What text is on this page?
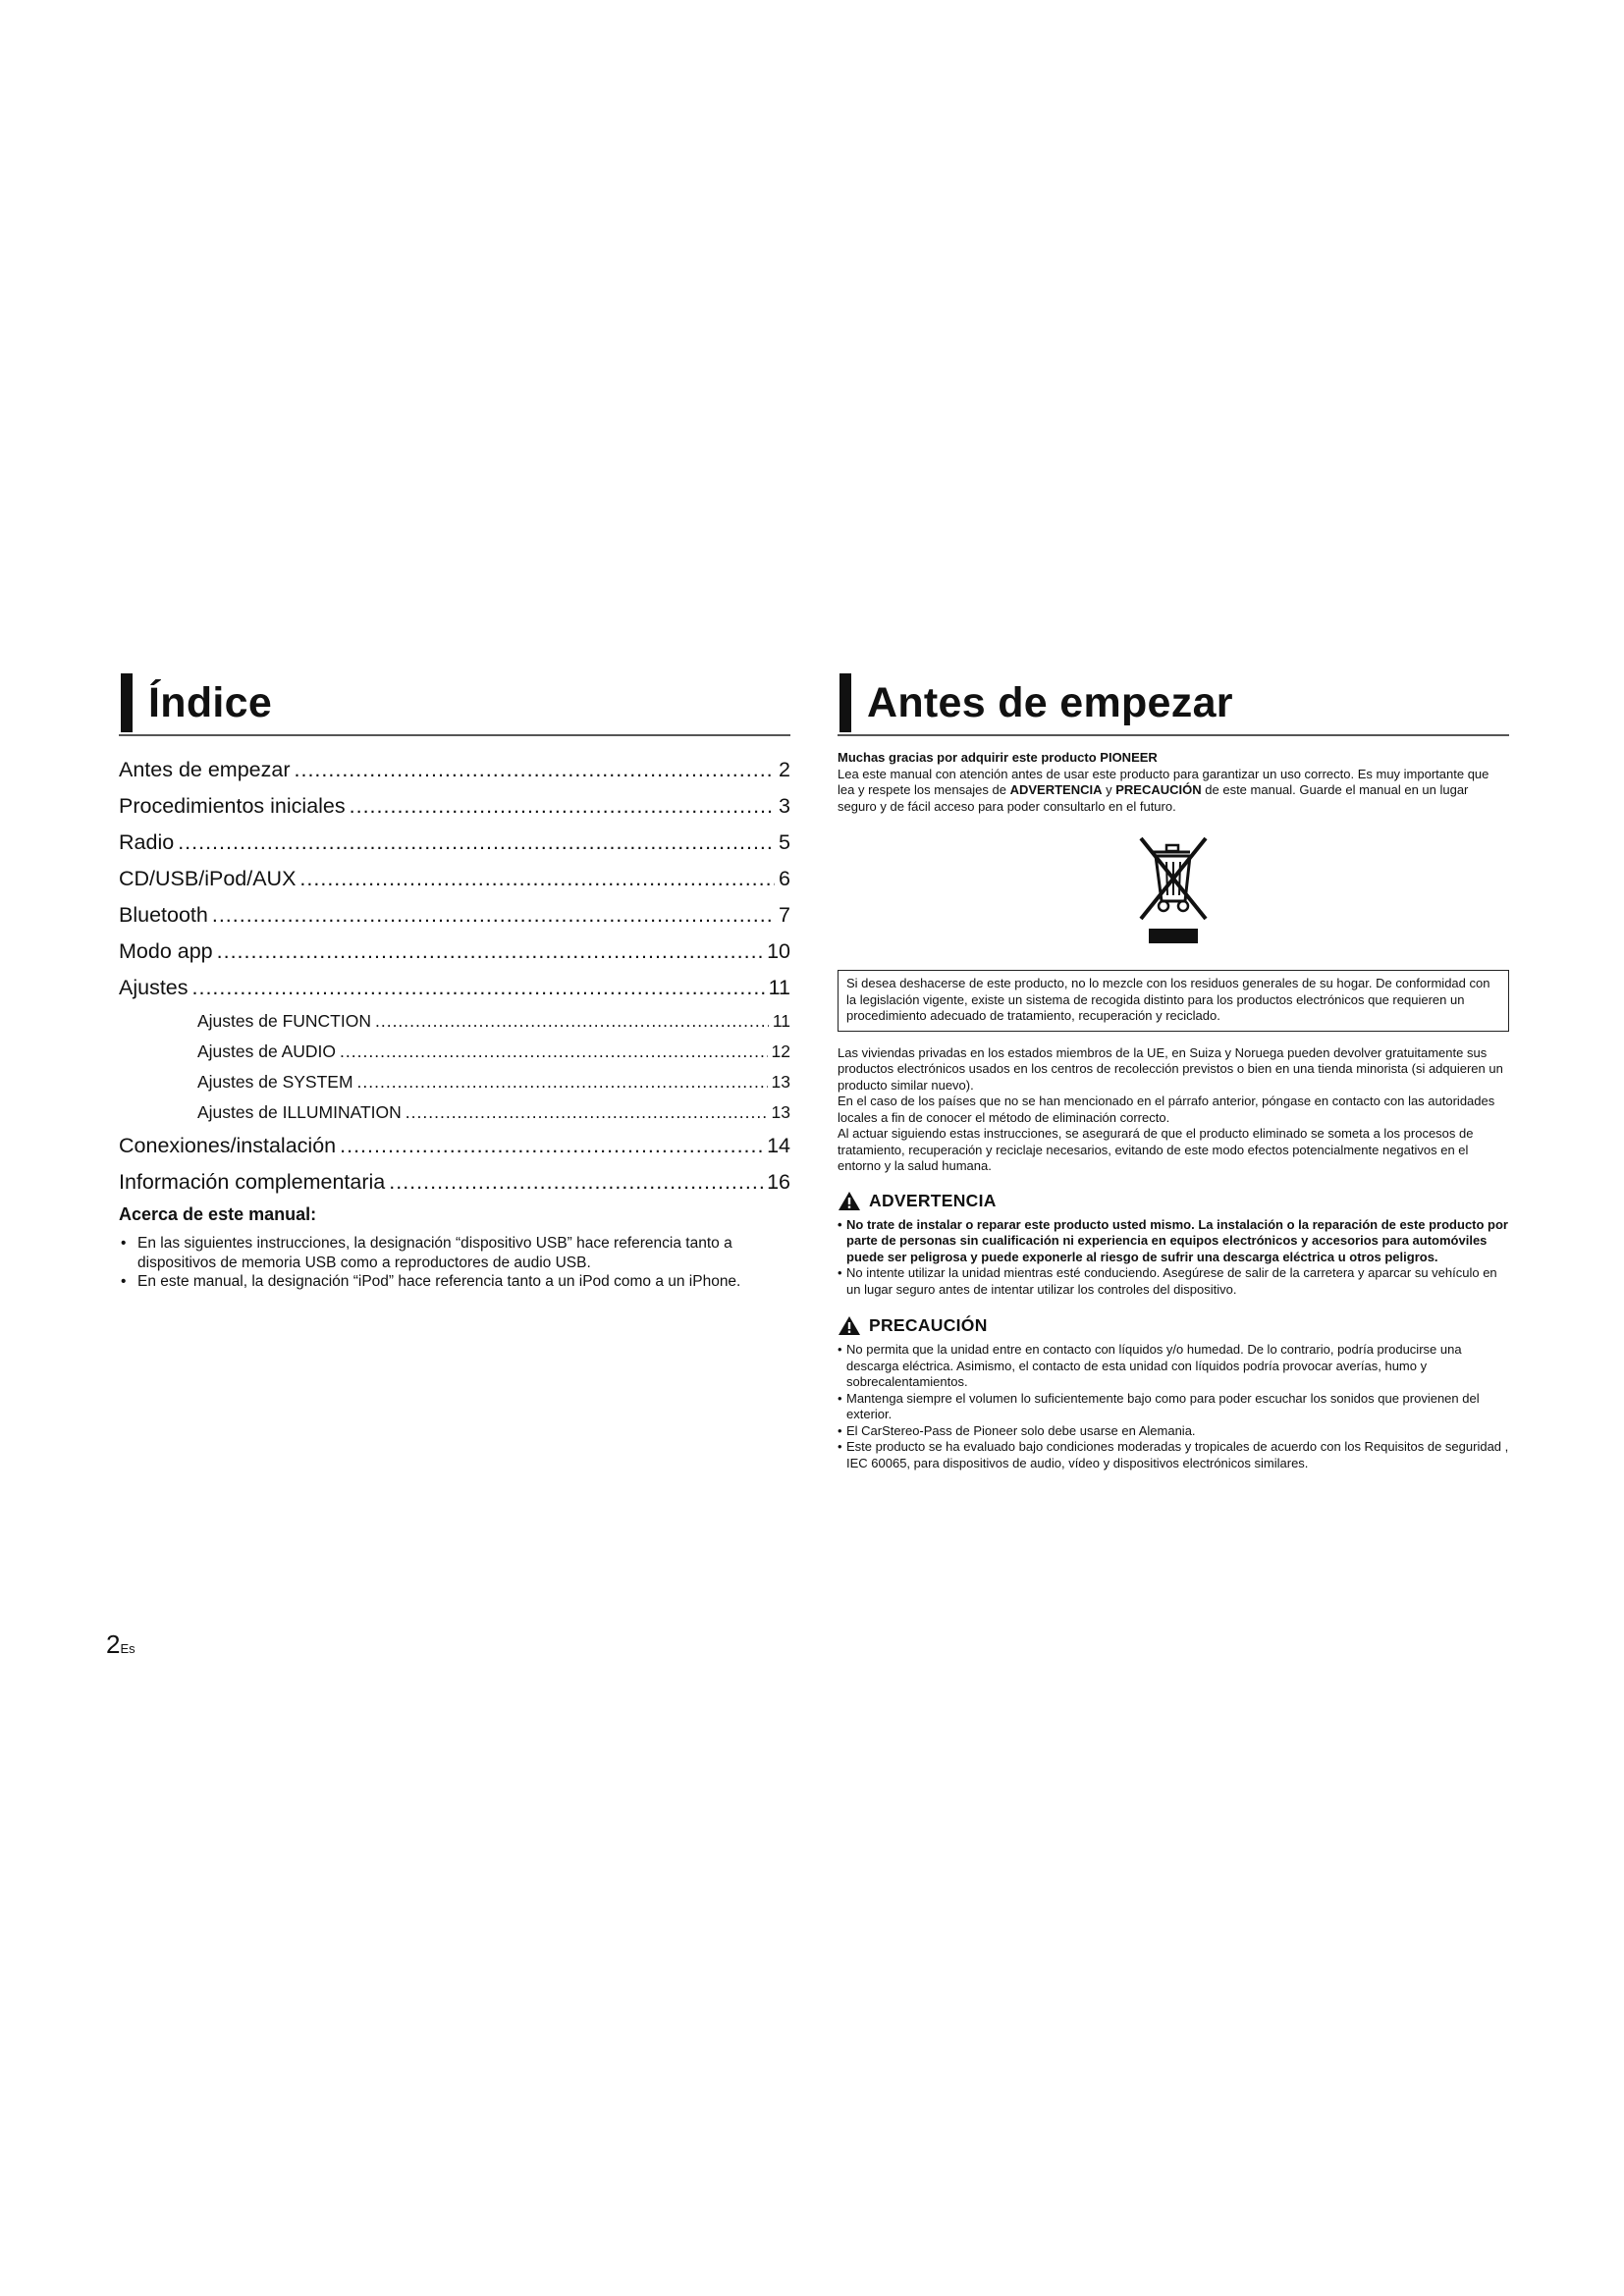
Índice
Antes de empezar .....	2
Procedimientos iniciales .....	3
Radio .....	5
CD/USB/iPod/AUX .....	6
Bluetooth .....	7
Modo app .....	10
Ajustes .....	11
Ajustes de FUNCTION .....	11
Ajustes de AUDIO .....	12
Ajustes de SYSTEM .....	13
Ajustes de ILLUMINATION .....	13
Conexiones/instalación .....	14
Información complementaria .....	16
Acerca de este manual:
• En las siguientes instrucciones, la designación “dispositivo USB” hace referencia tanto a dispositivos de memoria USB como a reproductores de audio USB.
• En este manual, la designación “iPod” hace referencia tanto a un iPod como a un iPhone.
Antes de empezar
Muchas gracias por adquirir este producto PIONEER
Lea este manual con atención antes de usar este producto para garantizar un uso correcto. Es muy importante que lea y respete los mensajes de ADVERTENCIA y PRECAUCIÓN de este manual. Guarde el manual en un lugar seguro y de fácil acceso para poder consultarlo en el futuro.
Si desea deshacerse de este producto, no lo mezcle con los residuos generales de su hogar. De conformidad con la legislación vigente, existe un sistema de recogida distinto para los productos electrónicos que requieren un procedimiento adecuado de tratamiento, recuperación y reciclado.
Las viviendas privadas en los estados miembros de la UE, en Suiza y Noruega pueden devolver gratuitamente sus productos electrónicos usados en los centros de recolección previstos o bien en una tienda minorista (si adquieren un producto similar nuevo).
En el caso de los países que no se han mencionado en el párrafo anterior, póngase en contacto con las autoridades locales a fin de conocer el método de eliminación correcto.
Al actuar siguiendo estas instrucciones, se asegurará de que el producto eliminado se someta a los procesos de tratamiento, recuperación y reciclaje necesarios, evitando de este modo efectos potencialmente negativos en el entorno y la salud humana.
ADVERTENCIA
• No trate de instalar o reparar este producto usted mismo. La instalación o la reparación de este producto por parte de personas sin cualificación ni experiencia en equipos electrónicos y accesorios para automóviles puede ser peligrosa y puede exponerle al riesgo de sufrir una descarga eléctrica u otros peligros.
• No intente utilizar la unidad mientras esté conduciendo. Asegúrese de salir de la carretera y aparcar su vehículo en un lugar seguro antes de intentar utilizar los controles del dispositivo.
PRECAUCIÓN
• No permita que la unidad entre en contacto con líquidos y/o humedad. De lo contrario, podría producirse una descarga eléctrica. Asimismo, el contacto de esta unidad con líquidos podría provocar averías, humo y sobrecalentamientos.
• Mantenga siempre el volumen lo suficientemente bajo como para poder escuchar los sonidos que provienen del exterior.
• El CarStereo-Pass de Pioneer solo debe usarse en Alemania.
• Este producto se ha evaluado bajo condiciones moderadas y tropicales de acuerdo con los Requisitos de seguridad , IEC 60065, para dispositivos de audio, vídeo y dispositivos electrónicos similares.
2Es
